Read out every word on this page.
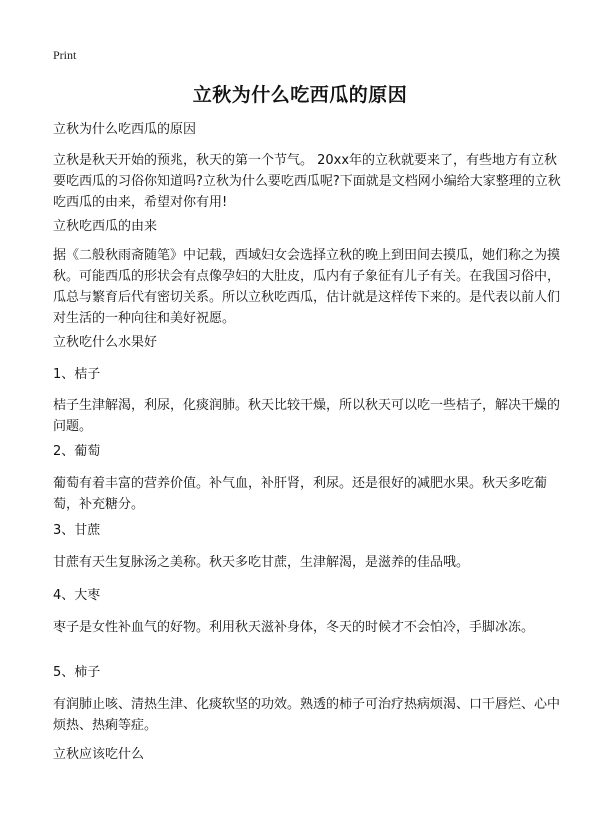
Print
立秋为什么吃西瓜的原因
立秋为什么吃西瓜的原因
立秋是秋天开始的预兆，秋天的第一个节气。 20xx年的立秋就要来了，有些地方有立秋要吃西瓜的习俗你知道吗?立秋为什么要吃西瓜呢?下面就是文档网小编给大家整理的立秋吃西瓜的由来，希望对你有用!
立秋吃西瓜的由来
据《二般秋雨斋随笔》中记载，西域妇女会选择立秋的晚上到田间去摸瓜，她们称之为摸秋。可能西瓜的形状会有点像孕妇的大肚皮，瓜内有子象征有儿子有关。在我国习俗中，瓜总与繁育后代有密切关系。所以立秋吃西瓜，估计就是这样传下来的。是代表以前人们对生活的一种向往和美好祝愿。
立秋吃什么水果好
1、桔子
桔子生津解渴，利尿，化痰润肺。秋天比较干燥，所以秋天可以吃一些桔子，解决干燥的问题。
2、葡萄
葡萄有着丰富的营养价值。补气血，补肝肾，利尿。还是很好的减肥水果。秋天多吃葡萄，补充糖分。
3、甘蔗
甘蔗有天生复脉汤之美称。秋天多吃甘蔗，生津解渴，是滋养的佳品哦。
4、大枣
枣子是女性补血气的好物。利用秋天滋补身体，冬天的时候才不会怕冷，手脚冰冻。
5、柿子
有润肺止咳、清热生津、化痰软坚的功效。熟透的柿子可治疗热病烦渴、口干唇烂、心中烦热、热痢等症。
立秋应该吃什么
